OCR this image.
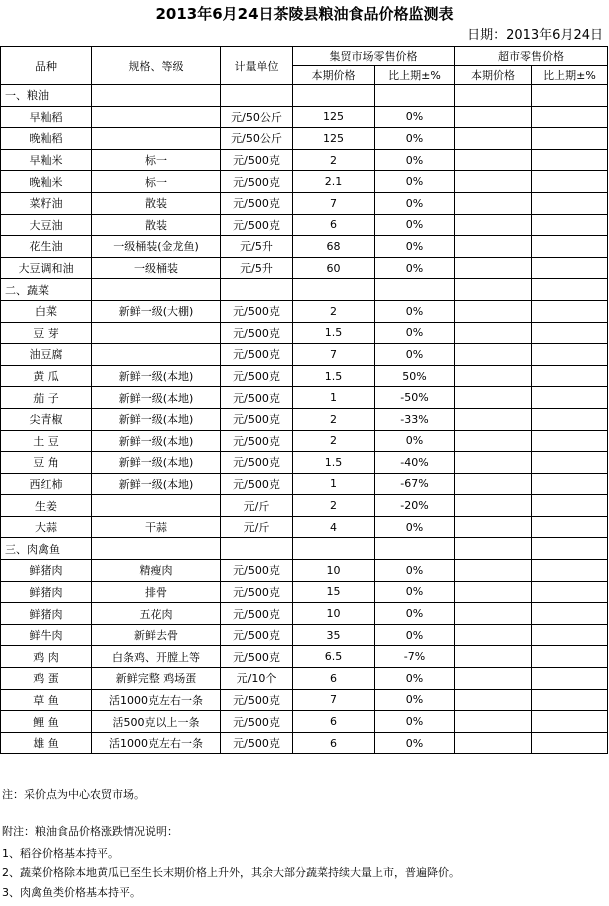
2013年6月24日茶陵县粮油食品价格监测表
日期：2013年6月24日
品种	规格、等级	计量单位	集贸市场零售价格		超市零售价格	
			本期价格	比上期±%	本期价格	比上期±%
一、粮油						
早籼稻		元/50公斤	125	0%		
晚籼稻		元/50公斤	125	0%		
早籼米	标一	元/500克	2	0%		
晚籼米	标一	元/500克	2.1	0%		
菜籽油	散装	元/500克	7	0%		
大豆油	散装	元/500克	6	0%		
花生油	一级桶装(金龙鱼)	元/5升	68	0%		
大豆调和油	一级桶装	元/5升	60	0%		
二、蔬菜						
白菜	新鲜一级(大棚)	元/500克	2	0%		
豆 芽		元/500克	1.5	0%		
油豆腐		元/500克	7	0%		
黄 瓜	新鲜一级(本地)	元/500克	1.5	50%		
茄 子	新鲜一级(本地)	元/500克	1	-50%		
尖青椒	新鲜一级(本地)	元/500克	2	-33%		
土 豆	新鲜一级(本地)	元/500克	2	0%		
豆 角	新鲜一级(本地)	元/500克	1.5	-40%		
西红柿	新鲜一级(本地)	元/500克	1	-67%		
生姜		元/斤	2	-20%		
大蒜	干蒜	元/斤	4	0%		
三、肉禽鱼						
鲜猪肉	精瘦肉	元/500克	10	0%		
鲜猪肉	排骨	元/500克	15	0%		
鲜猪肉	五花肉	元/500克	10	0%		
鲜牛肉	新鲜去骨	元/500克	35	0%		
鸡 肉	白条鸡、开膛上等	元/500克	6.5	-7%		
鸡 蛋	新鲜完整 鸡场蛋	元/10个	6	0%		
草 鱼	活1000克左右一条	元/500克	7	0%		
鲤 鱼	活500克以上一条	元/500克	6	0%		
雄 鱼	活1000克左右一条	元/500克	6	0%		
注：采价点为中心农贸市场。
附注：粮油食品价格涨跌情况说明：
1、稻谷价格基本持平。
2、蔬菜价格除本地黄瓜已至生长末期价格上升外，其余大部分蔬菜持续大量上市，普遍降价。
3、肉禽鱼类价格基本持平。
